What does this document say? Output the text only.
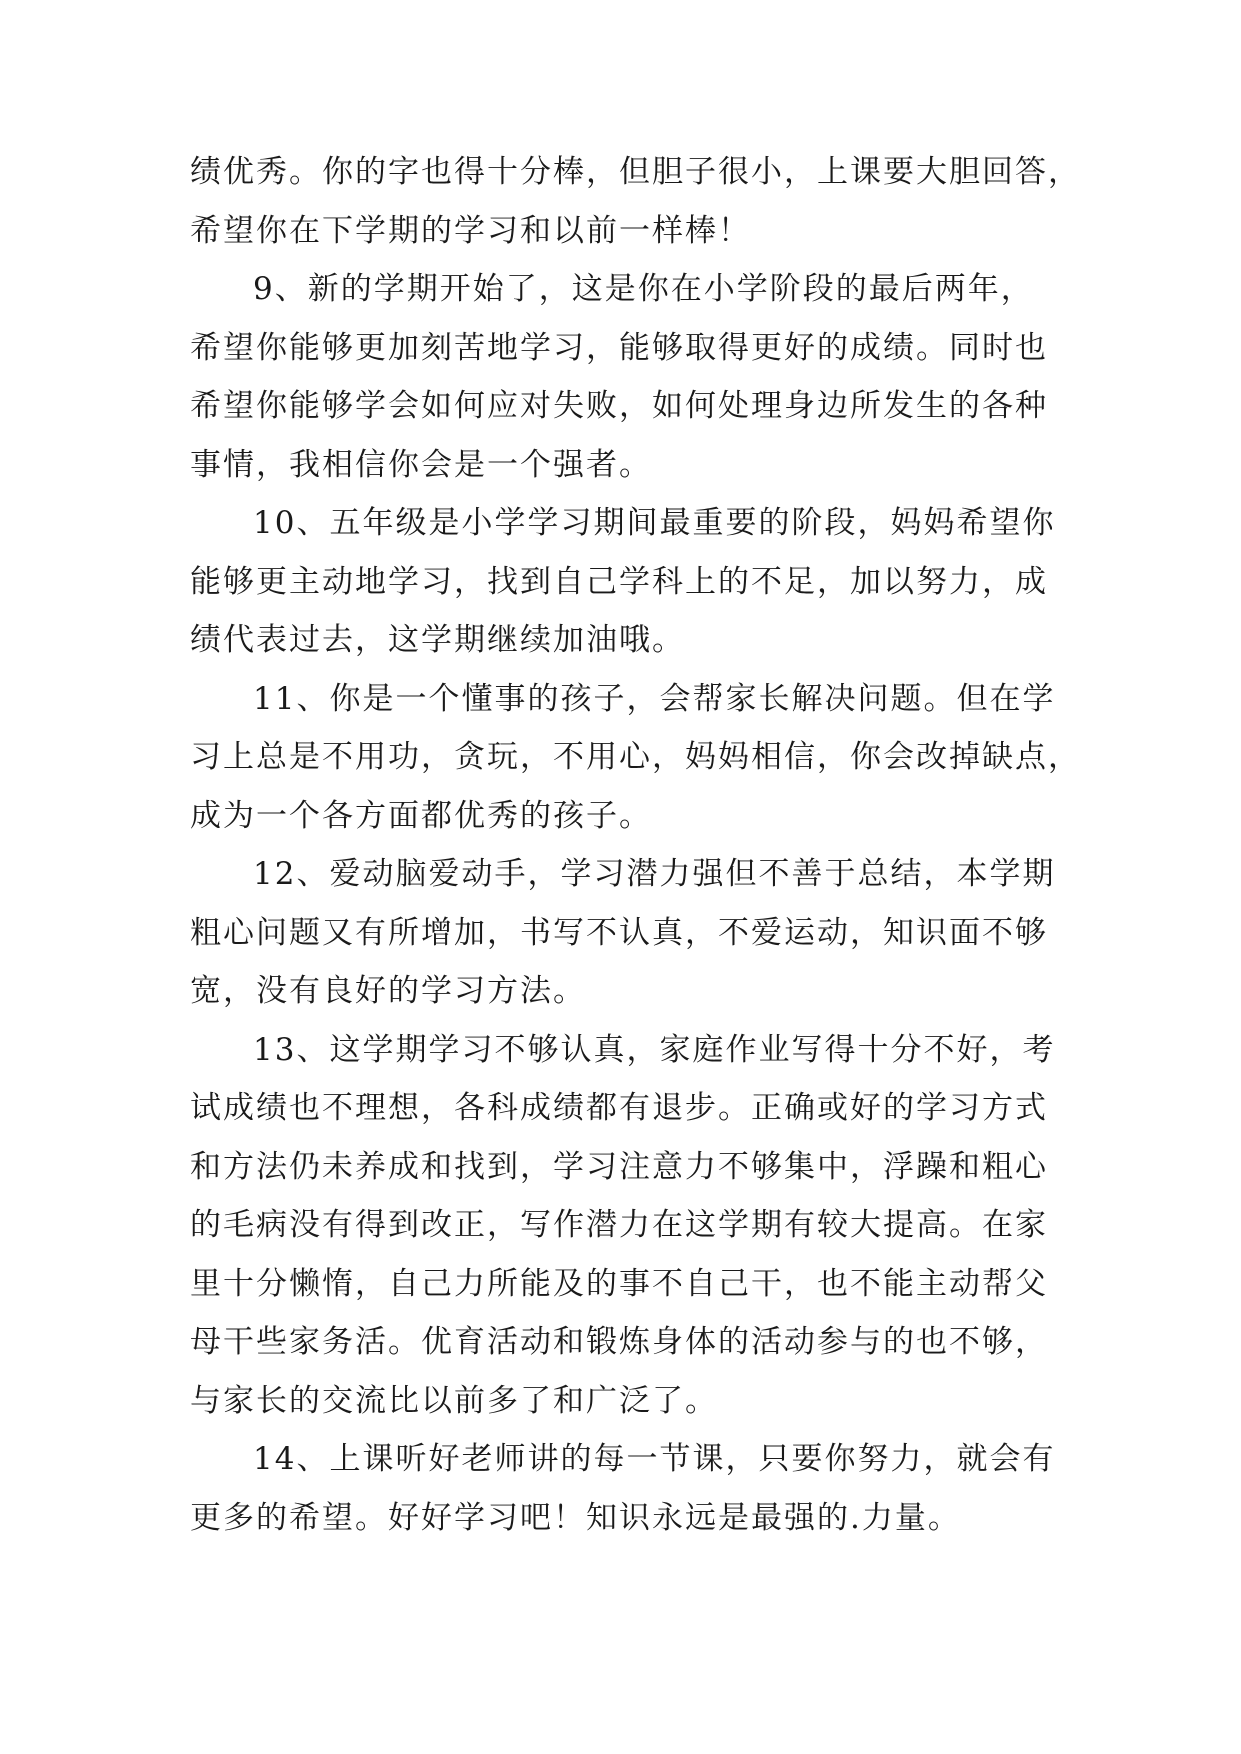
绩优秀。你的字也得十分棒，但胆子很小，上课要大胆回答，
希望你在下学期的学习和以前一样棒！
9、新的学期开始了，这是你在小学阶段的最后两年，
希望你能够更加刻苦地学习，能够取得更好的成绩。同时也
希望你能够学会如何应对失败，如何处理身边所发生的各种
事情，我相信你会是一个强者。
10、五年级是小学学习期间最重要的阶段，妈妈希望你
能够更主动地学习，找到自己学科上的不足，加以努力，成
绩代表过去，这学期继续加油哦。
11、你是一个懂事的孩子，会帮家长解决问题。但在学
习上总是不用功，贪玩，不用心，妈妈相信，你会改掉缺点，
成为一个各方面都优秀的孩子。
12、爱动脑爱动手，学习潜力强但不善于总结，本学期
粗心问题又有所增加，书写不认真，不爱运动，知识面不够
宽，没有良好的学习方法。
13、这学期学习不够认真，家庭作业写得十分不好，考
试成绩也不理想，各科成绩都有退步。正确或好的学习方式
和方法仍未养成和找到，学习注意力不够集中，浮躁和粗心
的毛病没有得到改正，写作潜力在这学期有较大提高。在家
里十分懒惰，自己力所能及的事不自己干，也不能主动帮父
母干些家务活。优育活动和锻炼身体的活动参与的也不够，
与家长的交流比以前多了和广泛了。
14、上课听好老师讲的每一节课，只要你努力，就会有
更多的希望。好好学习吧！知识永远是最强的.力量。
